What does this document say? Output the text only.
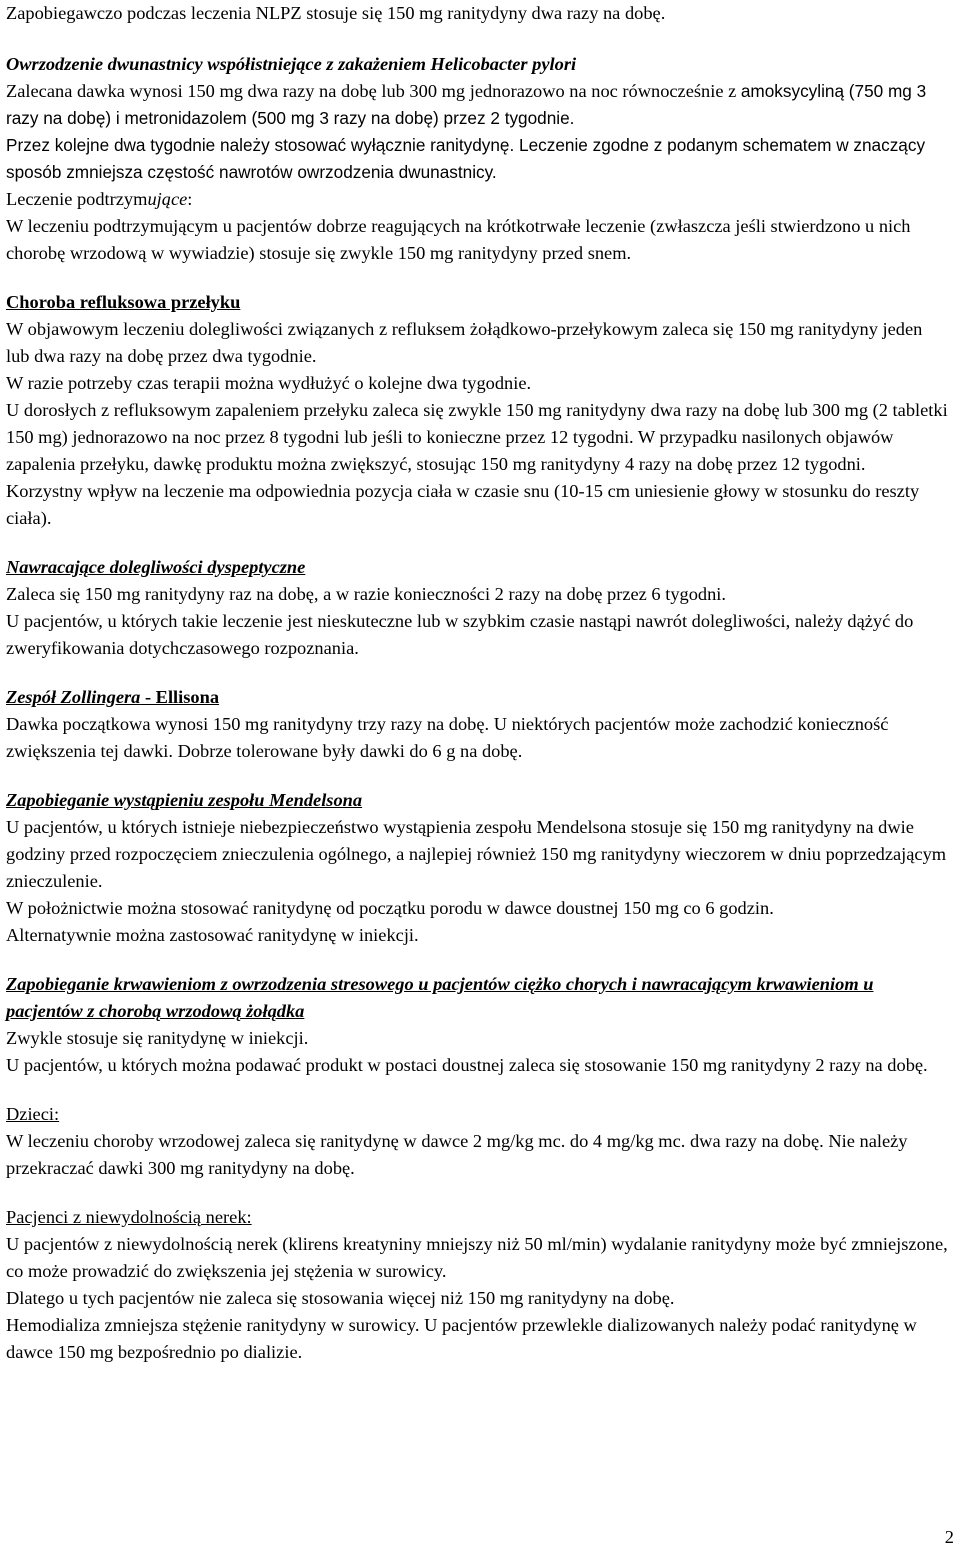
Zapobiegawczo podczas leczenia NLPZ stosuje się 150 mg ranitydyny dwa razy na dobę.

Owrzodzenie dwunastnicy współistniejące z zakażeniem Helicobacter pylori

Zalecana dawka wynosi 150 mg dwa razy na dobę lub 300 mg jednorazowo na noc równocześnie z amoksycyliną (750 mg 3 razy na dobę) i metronidazolem (500 mg 3 razy na dobę) przez 2 tygodnie.

Przez kolejne dwa tygodnie należy stosować wyłącznie ranitydynę. Leczenie zgodne z podanym schematem w znaczący sposób zmniejsza częstość nawrotów owrzodzenia dwunastnicy.

Leczenie podtrzymujące:

W leczeniu podtrzymującym u pacjentów dobrze reagujących na krótkotrwałe leczenie (zwłaszcza jeśli stwierdzono u nich chorobę wrzodową w wywiadzie) stosuje się zwykle 150 mg ranitydyny przed snem.

Choroba refluksowa przełyku

W objawowym leczeniu dolegliwości związanych z refluksem żołądkowo-przełykowym zaleca się 150 mg ranitydyny jeden lub dwa razy na dobę przez dwa tygodnie.

W razie potrzeby czas terapii można wydłużyć o kolejne dwa tygodnie.

U dorosłych z refluksowym zapaleniem przełyku zaleca się zwykle 150 mg ranitydyny dwa razy na dobę lub 300 mg (2 tabletki 150 mg) jednorazowo na noc przez 8 tygodni lub jeśli to konieczne przez 12 tygodni. W przypadku nasilonych objawów zapalenia przełyku, dawkę produktu można zwiększyć, stosując 150 mg ranitydyny 4 razy na dobę przez 12 tygodni.

Korzystny wpływ na leczenie ma odpowiednia pozycja ciała w czasie snu (10-15 cm uniesienie głowy w stosunku do reszty ciała).

Nawracające dolegliwości dyspeptyczne

Zaleca się 150 mg ranitydyny raz na dobę, a w razie konieczności 2 razy na dobę przez 6 tygodni.

U pacjentów, u których takie leczenie jest nieskuteczne lub w szybkim czasie nastąpi nawrót dolegliwości, należy dążyć do zweryfikowania dotychczasowego rozpoznania.

Zespół Zollingera - Ellisona

Dawka początkowa wynosi 150 mg ranitydyny trzy razy na dobę. U niektórych pacjentów może zachodzić konieczność zwiększenia tej dawki. Dobrze tolerowane były dawki do 6 g na dobę.

Zapobieganie wystąpieniu zespołu Mendelsona

U pacjentów, u których istnieje niebezpieczeństwo wystąpienia zespołu Mendelsona stosuje się 150 mg ranitydyny na dwie godziny przed rozpoczęciem znieczulenia ogólnego, a najlepiej również 150 mg ranitydyny wieczorem w dniu poprzedzającym znieczulenie.

W położnictwie można stosować ranitydynę od początku porodu w dawce doustnej 150 mg co 6 godzin.

Alternatywnie można zastosować ranitydynę w iniekcji.

Zapobieganie krwawieniom z owrzodzenia stresowego u pacjentów ciężko chorych i nawracającym krwawieniom u pacjentów z chorobą wrzodową żołądka

Zwykle stosuje się ranitydynę w iniekcji.

U pacjentów, u których można podawać produkt w postaci doustnej zaleca się stosowanie 150 mg ranitydyny 2 razy na dobę.

Dzieci:

W leczeniu choroby wrzodowej zaleca się ranitydynę w dawce 2 mg/kg mc. do 4 mg/kg mc. dwa razy na dobę. Nie należy przekraczać dawki 300 mg ranitydyny na dobę.

Pacjenci z niewydolnością nerek:

U pacjentów z niewydolnością nerek (klirens kreatyniny mniejszy niż 50 ml/min) wydalanie ranitydyny może być zmniejszone, co może prowadzić do zwiększenia jej stężenia w surowicy.

Dlatego u tych pacjentów nie zaleca się stosowania więcej niż 150 mg ranitydyny na dobę.

Hemodializa zmniejsza stężenie ranitydyny w surowicy. U pacjentów przewlekle dializowanych należy podać ranitydynę w dawce 150 mg bezpośrednio po dializie.

2
